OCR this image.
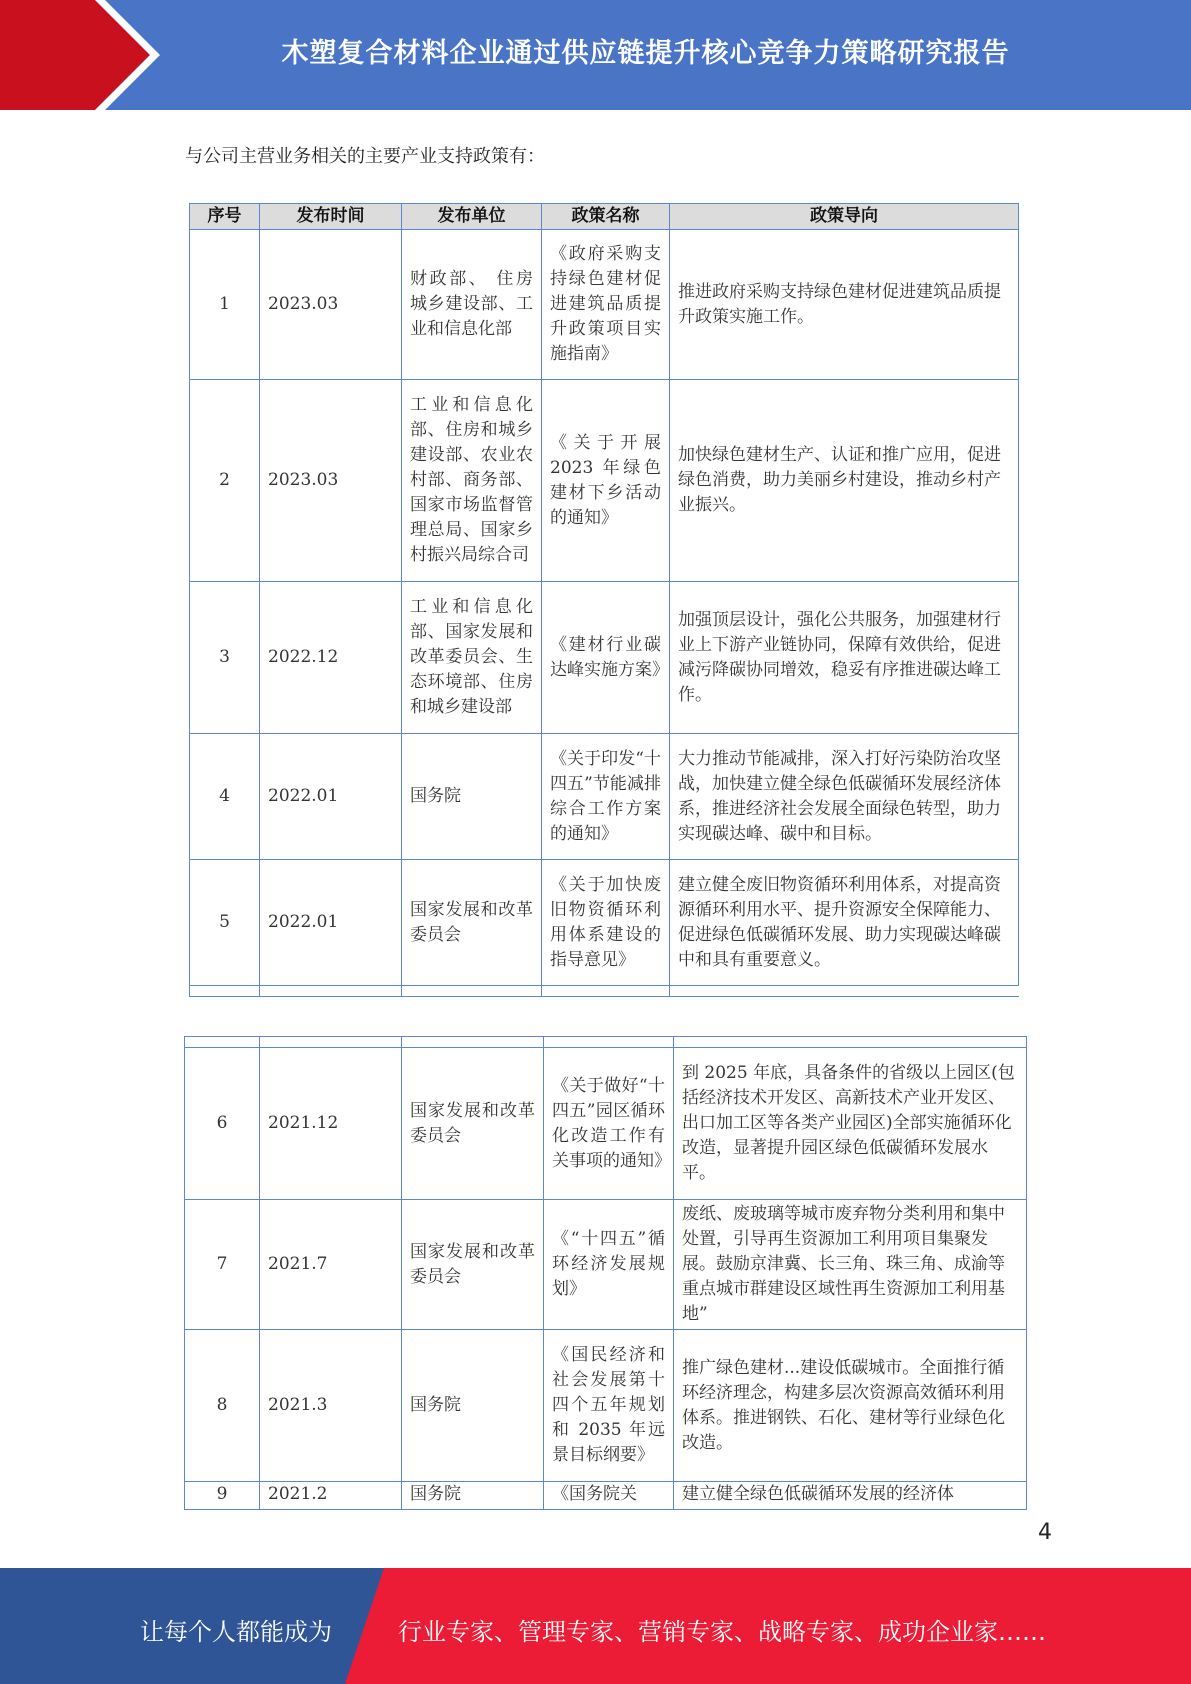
木塑复合材料企业通过供应链提升核心竞争力策略研究报告
与公司主营业务相关的主要产业支持政策有：
序号	发布时间	发布单位	政策名称	政策导向
1	2023.03	财政部、 住房城乡建设部、工业和信息化部	《政府采购支持绿色建材促进建筑品质提升政策项目实施指南》	推进政府采购支持绿色建材促进建筑品质提升政策实施工作。
2	2023.03	工业和信息化部、住房和城乡建设部、农业农村部、商务部、国家市场监督管理总局、国家乡村振兴局综合司	《关于开展 2023 年绿色建材下乡活动的通知》	加快绿色建材生产、认证和推广应用，促进绿色消费，助力美丽乡村建设，推动乡村产业振兴。
3	2022.12	工业和信息化部、国家发展和改革委员会、生态环境部、住房和城乡建设部	《建材行业碳达峰实施方案》	加强顶层设计，强化公共服务，加强建材行业上下游产业链协同，保障有效供给，促进减污降碳协同增效，稳妥有序推进碳达峰工作。
4	2022.01	国务院	《关于印发“十四五”节能减排综合工作方案的通知》	大力推动节能减排，深入打好污染防治攻坚战，加快建立健全绿色低碳循环发展经济体系，推进经济社会发展全面绿色转型，助力实现碳达峰、碳中和目标。
5	2022.01	国家发展和改革委员会	《关于加快废旧物资循环利用体系建设的指导意见》	建立健全废旧物资循环利用体系，对提高资源循环利用水平、提升资源安全保障能力、促进绿色低碳循环发展、助力实现碳达峰碳中和具有重要意义。

6	2021.12	国家发展和改革委员会	《关于做好“十四五”园区循环化改造工作有关事项的通知》	到 2025 年底，具备条件的省级以上园区(包括经济技术开发区、高新技术产业开发区、出口加工区等各类产业园区)全部实施循环化改造，显著提升园区绿色低碳循环发展水平。
7	2021.7	国家发展和改革委员会	《“十四五”循环经济发展规划》	废纸、废玻璃等城市废弃物分类利用和集中处置，引导再生资源加工利用项目集聚发展。鼓励京津冀、长三角、珠三角、成渝等重点城市群建设区域性再生资源加工利用基地”
8	2021.3	国务院	《国民经济和社会发展第十四个五年规划和 2035 年远景目标纲要》	推广绿色建材...建设低碳城市。全面推行循环经济理念，构建多层次资源高效循环利用体系。推进钢铁、石化、建材等行业绿色化改造。
9	2021.2	国务院	《国务院关	建立健全绿色低碳循环发展的经济体
4
让每个人都能成为	行业专家、管理专家、营销专家、战略专家、成功企业家……
